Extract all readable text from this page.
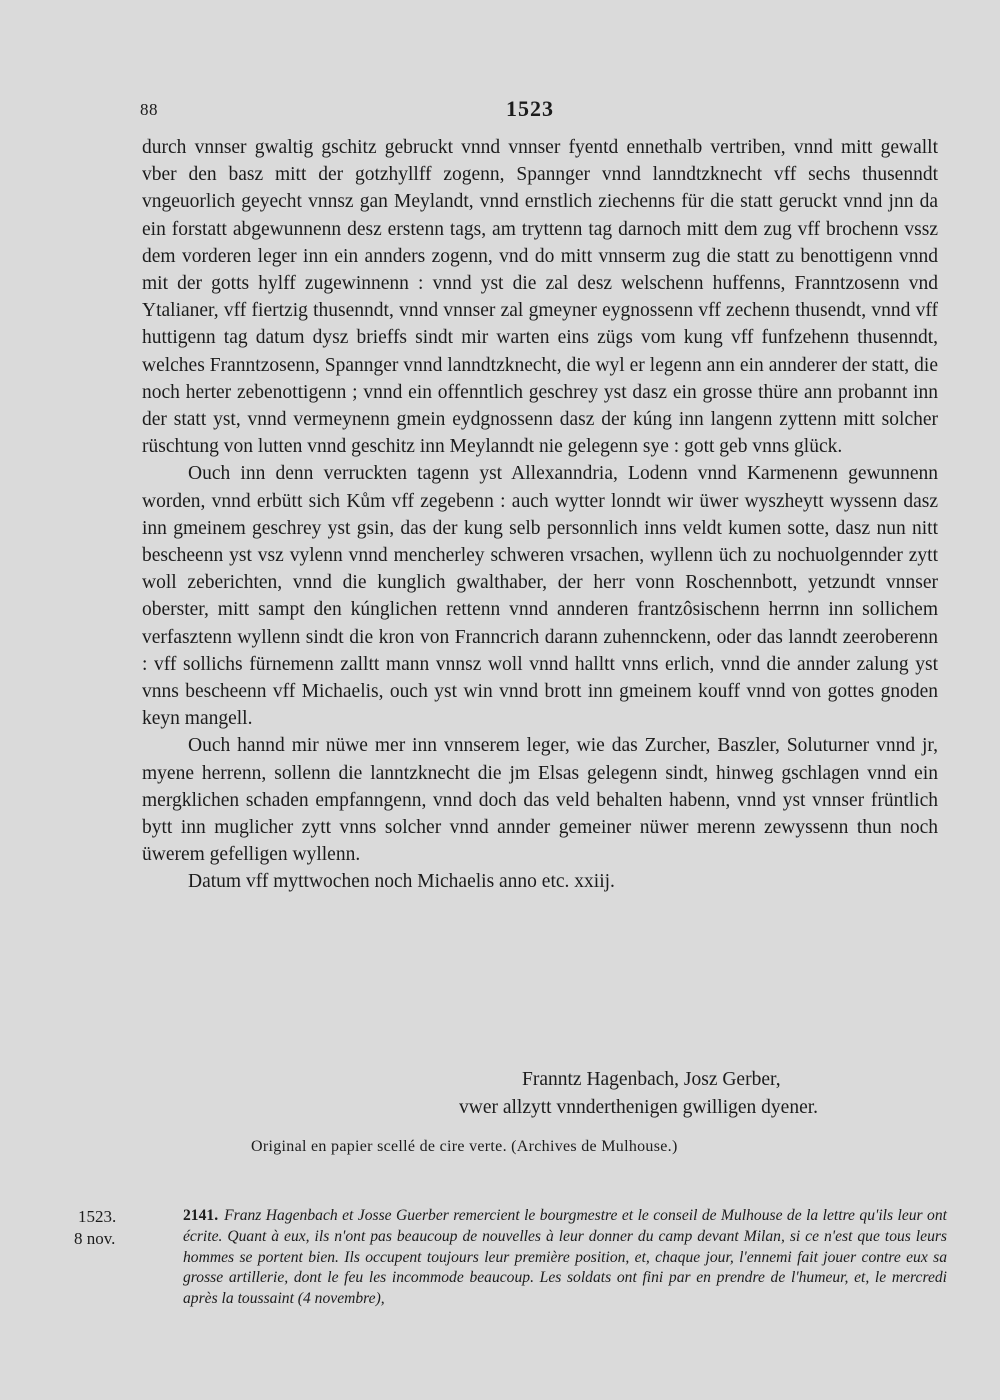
88	1523

durch vnnser gwaltig gschitz gebruckt vnnd vnnser fyentd ennethalb vertriben, vnnd mitt gewallt vber den basz mitt der gotzhyllff zogenn, Spannger vnnd lanndtzknecht vff sechs thusenndt vngeuorlich geyecht vnnsz gan Meylandt, vnnd ernstlich ziechenns für die statt geruckt vnnd jnn da ein forstatt abgewunnenn desz erstenn tags, am tryttenn tag darnoch mitt dem zug vff brochenn vssz dem vorderen leger inn ein annders zogenn, vnd do mitt vnnserm zug die statt zu benottigenn vnnd mit der gotts hylff zugewinnenn : vnnd yst die zal desz welschenn huffenns, Franntzosenn vnd Ytalianer, vff fiertzig thusenndt, vnnd vnnser zal gmeyner eygnossenn vff zechenn thusendt, vnnd vff huttigenn tag datum dysz brieffs sindt mir warten eins zügs vom kung vff funfzehenn thusenndt, welches Franntzosenn, Spannger vnnd lanndtzknecht, die wyl er legenn ann ein annderer der statt, die noch herter zebenottigenn ; vnnd ein offenntlich geschrey yst dasz ein grosse thüre ann probannt inn der statt yst, vnnd vermeynenn gmein eydgnossenn dasz der kúng inn langenn zyttenn mitt solcher rüschtung von lutten vnnd geschitz inn Meylanndt nie gelegenn sye : gott geb vnns glück.

Ouch inn denn verruckten tagenn yst Allexanndria, Lodenn vnnd Karmenenn gewunnenn worden, vnnd erbütt sich Kům vff zegebenn : auch wytter lonndt wir üwer wyszheytt wyssenn dasz inn gmeinem geschrey yst gsin, das der kung selb personnlich inns veldt kumen sotte, dasz nun nitt bescheenn yst vsz vylenn vnnd mencherley schweren vrsachen, wyllenn üch zu nochuolgennder zytt woll zeberichten, vnnd die kunglich gwalthaber, der herr vonn Roschennbott, yetzundt vnnser oberster, mitt sampt den kúnglichen rettenn vnnd annderen frantzôsischenn herrnn inn sollichem verfasztenn wyllenn sindt die kron von Franncrich darann zuhennckenn, oder das lanndt zeeroberenn : vff sollichs fürnemenn zalltt mann vnnsz woll vnnd halltt vnns erlich, vnnd die annder zalung yst vnns bescheenn vff Michaelis, ouch yst win vnnd brott inn gmeinem kouff vnnd von gottes gnoden keyn mangell.

Ouch hannd mir nüwe mer inn vnnserem leger, wie das Zurcher, Baszler, Soluturner vnnd jr, myene herrenn, sollenn die lanntzknecht die jm Elsas gelegenn sindt, hinweg gschlagen vnnd ein mergklichen schaden empfanngenn, vnnd doch das veld behalten habenn, vnnd yst vnnser früntlich bytt inn muglicher zytt vnns solcher vnnd annder gemeiner nüwer merenn zewyssenn thun noch üwerem gefelligen wyllenn.

Datum vff myttwochen noch Michaelis anno etc. xxiij.

Franntz Hagenbach, Josz Gerber,
vwer allzytt vnnderthenigen gwilligen dyener.
Original en papier scellé de cire verte. (Archives de Mulhouse.)
1523.
8 nov.
2141. Franz Hagenbach et Josse Guerber remercient le bourgmestre et le conseil de Mulhouse de la lettre qu'ils leur ont écrite. Quant à eux, ils n'ont pas beaucoup de nouvelles à leur donner du camp devant Milan, si ce n'est que tous leurs hommes se portent bien. Ils occupent toujours leur première position, et, chaque jour, l'ennemi fait jouer contre eux sa grosse artillerie, dont le feu les incommode beaucoup. Les soldats ont fini par en prendre de l'humeur, et, le mercredi après la toussaint (4 novembre),
